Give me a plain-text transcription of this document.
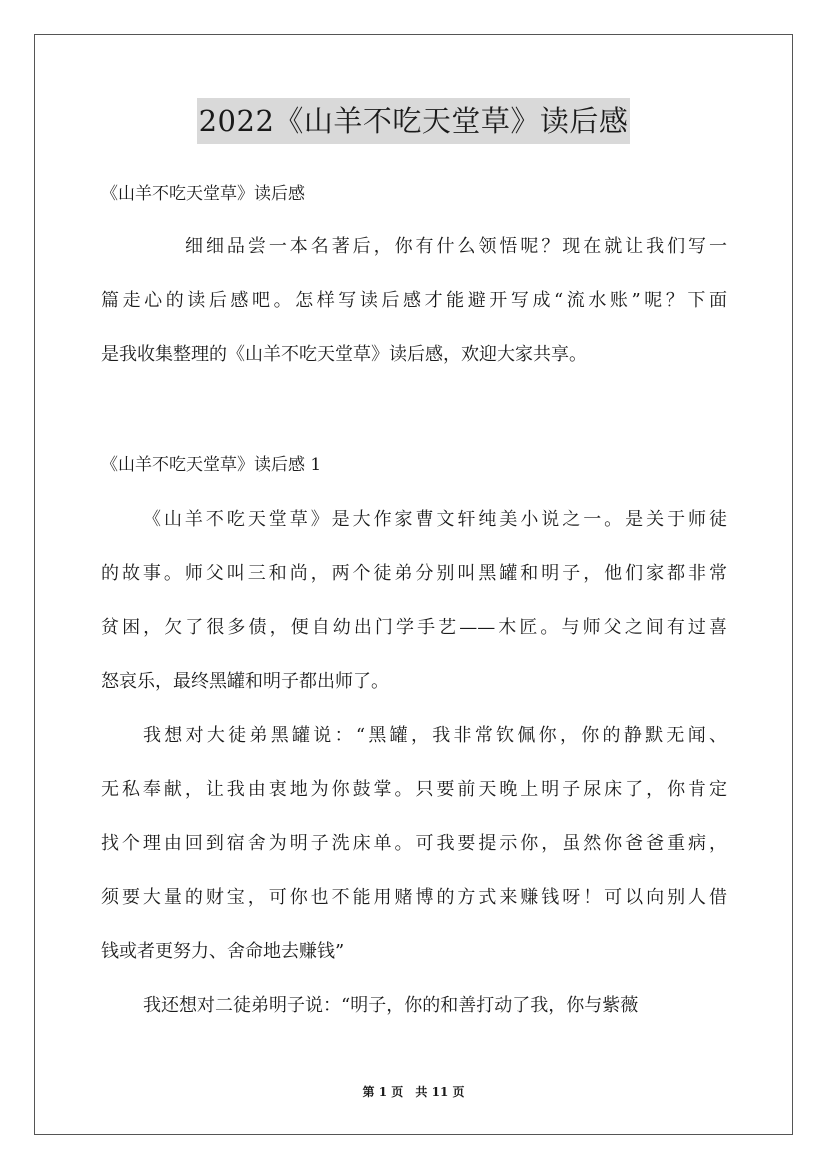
2022《山羊不吃天堂草》读后感

《山羊不吃天堂草》读后感

细细品尝一本名著后，你有什么领悟呢？现在就让我们写一
篇走心的读后感吧。怎样写读后感才能避开写成“流水账”呢？下面
是我收集整理的《山羊不吃天堂草》读后感，欢迎大家共享。

《山羊不吃天堂草》读后感 1

《山羊不吃天堂草》是大作家曹文轩纯美小说之一。是关于师徒
的故事。师父叫三和尚，两个徒弟分别叫黑罐和明子，他们家都非常
贫困，欠了很多债，便自幼出门学手艺——木匠。与师父之间有过喜
怒哀乐，最终黑罐和明子都出师了。
我想对大徒弟黑罐说：“黑罐，我非常钦佩你，你的静默无闻、
无私奉献，让我由衷地为你鼓掌。只要前天晚上明子尿床了，你肯定
找个理由回到宿舍为明子洗床单。可我要提示你，虽然你爸爸重病，
须要大量的财宝，可你也不能用赌博的方式来赚钱呀！可以向别人借
钱或者更努力、舍命地去赚钱”
我还想对二徒弟明子说：“明子，你的和善打动了我，你与紫薇
第 1 页 共 11 页
